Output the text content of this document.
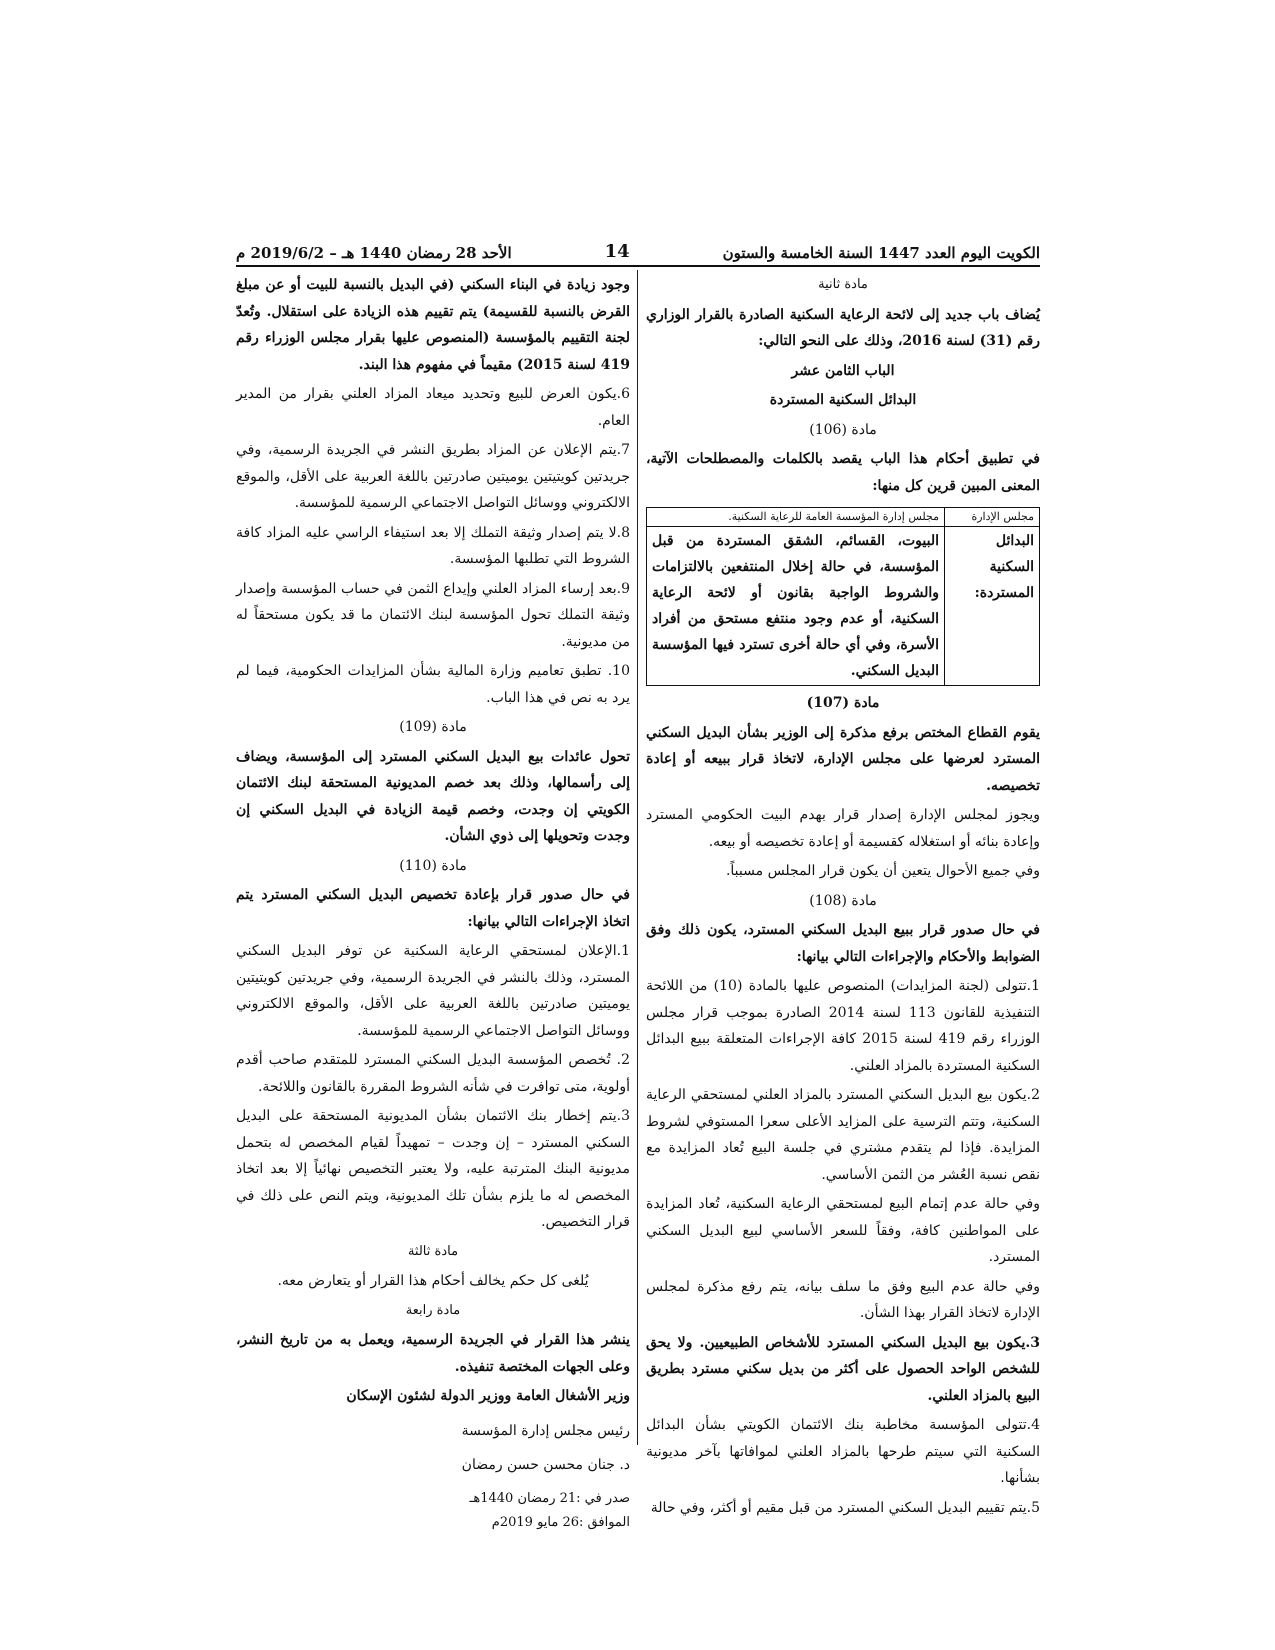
الكويت اليوم العدد 1447 السنة الخامسة والستون
14
الأحد 28 رمضان 1440 هـ – 2019/6/2 م

مادة ثانية

يُضاف باب جديد إلى لائحة الرعاية السكنية الصادرة بالقرار الوزاري رقم (31) لسنة 2016، وذلك على النحو التالي:

الباب الثامن عشر

البدائل السكنية المستردة

مادة (106)

في تطبيق أحكام هذا الباب يقصد بالكلمات والمصطلحات الآتية، المعنى المبين قرين كل منها:

مجلس الإدارة	مجلس إدارة المؤسسة العامة للرعاية السكنية.
البدائل السكنية المستردة:	البيوت، القسائم، الشقق المستردة من قبل المؤسسة، في حالة إخلال المنتفعين بالالتزامات والشروط الواجبة بقانون أو لائحة الرعاية السكنية، أو عدم وجود منتفع مستحق من أفراد الأسرة، وفي أي حالة أخرى تسترد فيها المؤسسة البديل السكني.

مادة (107)

يقوم القطاع المختص برفع مذكرة إلى الوزير بشأن البديل السكني المسترد لعرضها على مجلس الإدارة، لاتخاذ قرار ببيعه أو إعادة تخصيصه.

ويجوز لمجلس الإدارة إصدار قرار بهدم البيت الحكومي المسترد وإعادة بنائه أو استغلاله كقسيمة أو إعادة تخصيصه أو بيعه.

وفي جميع الأحوال يتعين أن يكون قرار المجلس مسبباً.

مادة (108)

في حال صدور قرار ببيع البديل السكني المسترد، يكون ذلك وفق الضوابط والأحكام والإجراءات التالي بيانها:

1.تتولى (لجنة المزايدات) المنصوص عليها بالمادة (10) من اللائحة التنفيذية للقانون 113 لسنة 2014 الصادرة بموجب قرار مجلس الوزراء رقم 419 لسنة 2015 كافة الإجراءات المتعلقة ببيع البدائل السكنية المستردة بالمزاد العلني.

2.يكون بيع البديل السكني المسترد بالمزاد العلني لمستحقي الرعاية السكنية، وتتم الترسية على المزايد الأعلى سعرا المستوفي لشروط المزايدة. فإذا لم يتقدم مشتري في جلسة البيع تُعاد المزايدة مع نقص نسبة العُشر من الثمن الأساسي.

وفي حالة عدم إتمام البيع لمستحقي الرعاية السكنية، تُعاد المزايدة على المواطنين كافة، وفقاً للسعر الأساسي لبيع البديل السكني المسترد.

وفي حالة عدم البيع وفق ما سلف بيانه، يتم رفع مذكرة لمجلس الإدارة لاتخاذ القرار بهذا الشأن.

3.يكون بيع البديل السكني المسترد للأشخاص الطبيعيين. ولا يحق للشخص الواحد الحصول على أكثر من بديل سكني مسترد بطريق البيع بالمزاد العلني.

4.تتولى المؤسسة مخاطبة بنك الائتمان الكويتي بشأن البدائل السكنية التي سيتم طرحها بالمزاد العلني لموافاتها بآخر مديونية بشأنها.

5.يتم تقييم البديل السكني المسترد من قبل مقيم أو أكثر، وفي حالة

وجود زيادة في البناء السكني (في البديل بالنسبة للبيت أو عن مبلغ القرض بالنسبة للقسيمة) يتم تقييم هذه الزيادة على استقلال. وتُعدّ لجنة التقييم بالمؤسسة (المنصوص عليها بقرار مجلس الوزراء رقم 419 لسنة 2015) مقيماً في مفهوم هذا البند.

6.يكون العرض للبيع وتحديد ميعاد المزاد العلني بقرار من المدير العام.

7.يتم الإعلان عن المزاد بطريق النشر في الجريدة الرسمية، وفي جريدتين كويتيتين يوميتين صادرتين باللغة العربية على الأقل، والموقع الالكتروني ووسائل التواصل الاجتماعي الرسمية للمؤسسة.

8.لا يتم إصدار وثيقة التملك إلا بعد استيفاء الراسي عليه المزاد كافة الشروط التي تطلبها المؤسسة.

9.بعد إرساء المزاد العلني وإيداع الثمن في حساب المؤسسة وإصدار وثيقة التملك تحول المؤسسة لبنك الائتمان ما قد يكون مستحقاً له من مديونية.

10. تطبق تعاميم وزارة المالية بشأن المزايدات الحكومية، فيما لم يرد به نص في هذا الباب.

مادة (109)

تحول عائدات بيع البديل السكني المسترد إلى المؤسسة، ويضاف إلى رأسمالها، وذلك بعد خصم المديونية المستحقة لبنك الائتمان الكويتي إن وجدت، وخصم قيمة الزيادة في البديل السكني إن وجدت وتحويلها إلى ذوي الشأن.

مادة (110)

في حال صدور قرار بإعادة تخصيص البديل السكني المسترد يتم اتخاذ الإجراءات التالي بيانها:

1.الإعلان لمستحقي الرعاية السكنية عن توفر البديل السكني المسترد، وذلك بالنشر في الجريدة الرسمية، وفي جريدتين كويتيتين يوميتين صادرتين باللغة العربية على الأقل، والموقع الالكتروني ووسائل التواصل الاجتماعي الرسمية للمؤسسة.

2. تُخصص المؤسسة البديل السكني المسترد للمتقدم صاحب أقدم أولوية، متى توافرت في شأنه الشروط المقررة بالقانون واللائحة.

3.يتم إخطار بنك الائتمان بشأن المديونية المستحقة على البديل السكني المسترد – إن وجدت – تمهيداً لقيام المخصص له بتحمل مديونية البنك المترتبة عليه، ولا يعتبر التخصيص نهائياً إلا بعد اتخاذ المخصص له ما يلزم بشأن تلك المديونية، ويتم النص على ذلك في قرار التخصيص.

مادة ثالثة

يُلغى كل حكم يخالف أحكام هذا القرار أو يتعارض معه.

مادة رابعة

ينشر هذا القرار في الجريدة الرسمية، ويعمل به من تاريخ النشر، وعلى الجهات المختصة تنفيذه.

وزير الأشغال العامة ووزير الدولة لشئون الإسكان

رئيس مجلس إدارة المؤسسة

د. جنان محسن حسن رمضان

صدر في :21 رمضان 1440هـ

الموافق :26 مايو 2019م
